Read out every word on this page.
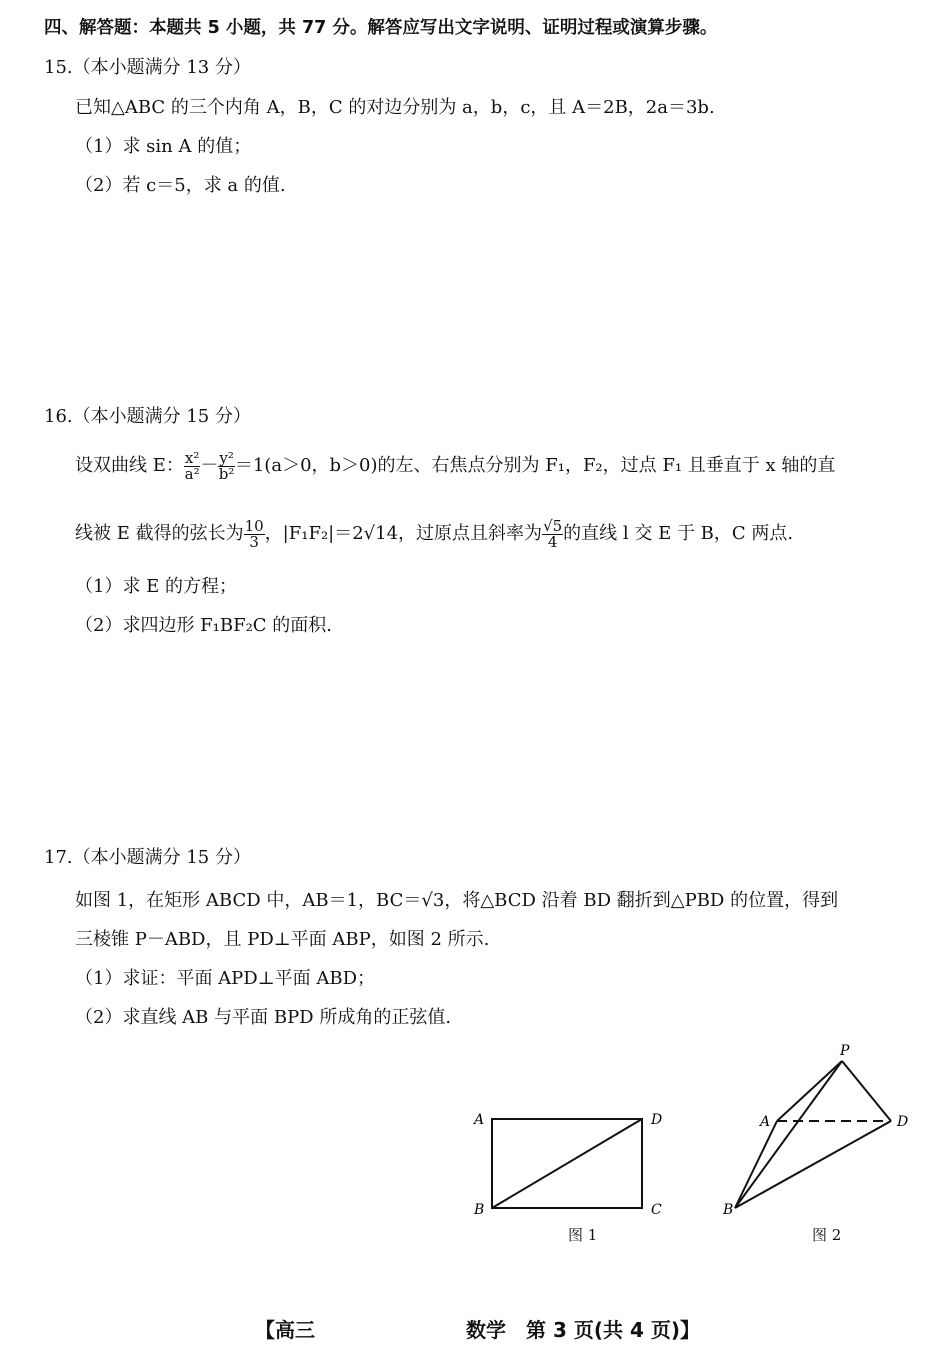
四、解答题：本题共 5 小题，共 77 分。解答应写出文字说明、证明过程或演算步骤。
15.（本小题满分 13 分）
已知△ABC 的三个内角 A，B，C 的对边分别为 a，b，c，且 A＝2B，2a＝3b.
（1）求 sin A 的值；
（2）若 c＝5，求 a 的值.
16.（本小题满分 15 分）
设双曲线 E： $\frac{\text{x²}}{\text{a²}} - \frac{\text{y²}}{\text{b²}} =1(a>0$，b＞0)的左、右焦点分别为 F₁，F₂，过点 F₁ 且垂直于 x 轴的直
线被 E 截得的弦长为 $\frac{10}{3}$ ，|F₁F₂|＝2√14，过原点且斜率为 $\frac{√5}{4}$ 的直线 l 交 E 于 B，C 两点.
（1）求 E 的方程；
（2）求四边形 F₁BF₂C 的面积.
17.（本小题满分 15 分）
如图 1，在矩形 ABCD 中，AB＝1，BC＝√3，将△BCD 沿着 BD 翻折到△PBD 的位置，得到
三棱锥 P－ABD，且 PD⊥平面 ABP，如图 2 所示.
（1）求证：平面 APD⊥平面 ABD；
（2）求直线 AB 与平面 BPD 所成角的正弦值.
A	D
B	C
P
A	D
B
图 1	图 2
【高三	数学　第 3 页(共 4 页)】
